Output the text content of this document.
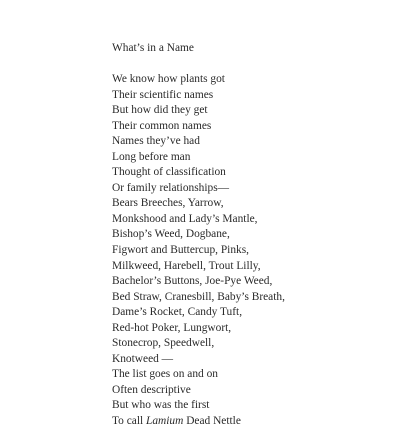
What’s in a Name

We know how plants got

Their scientific names

But how did they get

Their common names

Names they’ve had

Long before man

Thought of classification

Or family relationships—

Bears Breeches, Yarrow,

Monkshood and Lady’s Mantle,

Bishop’s Weed, Dogbane,

Figwort and Buttercup, Pinks,

Milkweed, Harebell, Trout Lilly,

Bachelor’s Buttons, Joe-Pye Weed,

Bed Straw, Cranesbill, Baby’s Breath,

Dame’s Rocket, Candy Tuft,

Red-hot Poker, Lungwort,

Stonecrop, Speedwell,

Knotweed —

The list goes on and on

Often descriptive

But who was the first

To call Lamium Dead Nettle
